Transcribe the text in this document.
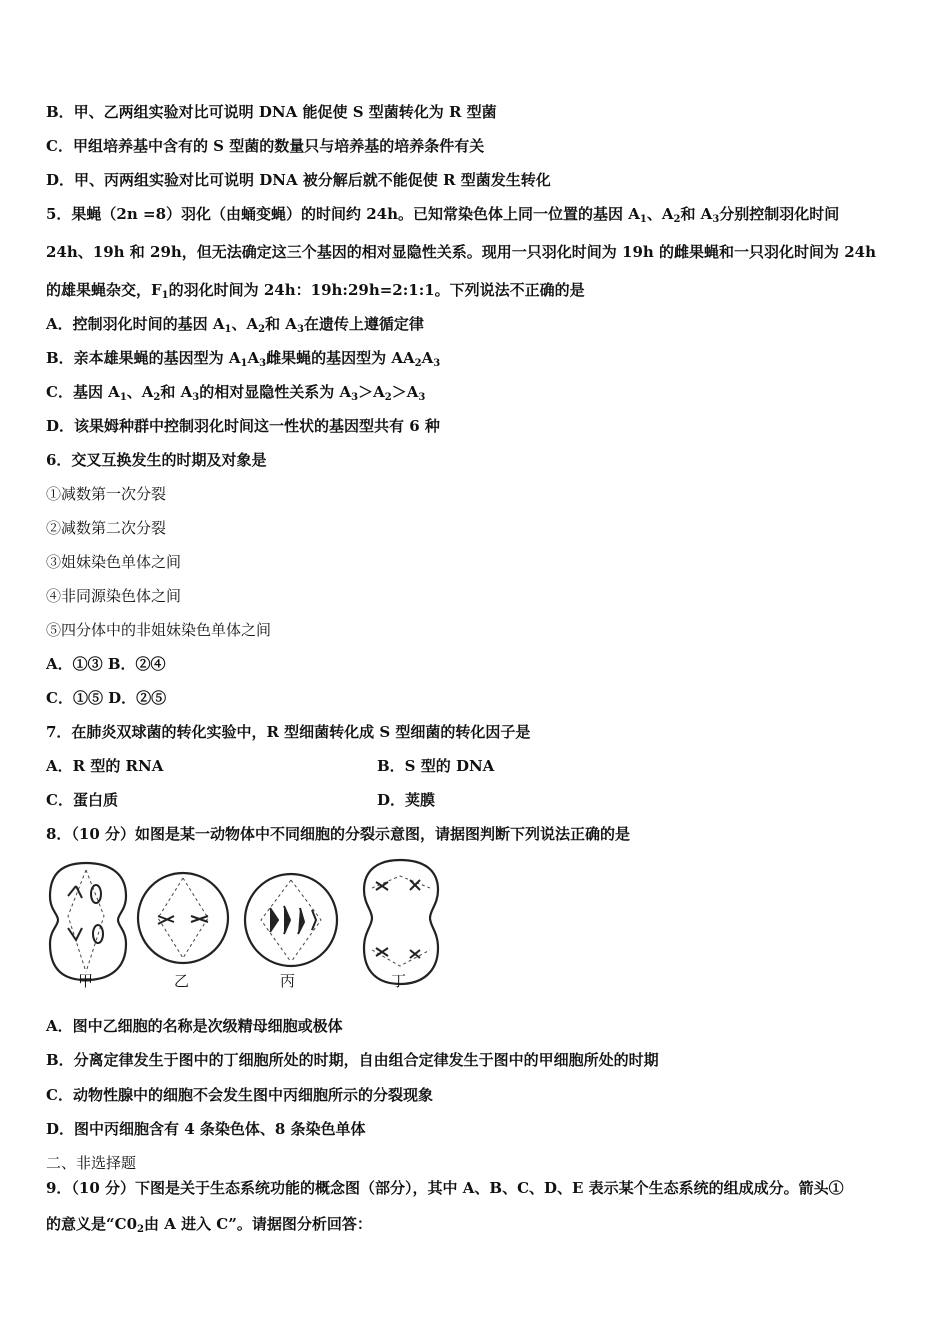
B．甲、乙两组实验对比可说明 DNA 能促使 S 型菌转化为 R 型菌
C．甲组培养基中含有的 S 型菌的数量只与培养基的培养条件有关
D．甲、丙两组实验对比可说明 DNA 被分解后就不能促使 R 型菌发生转化
5．果蝇（2n =8）羽化（由蛹变蝇）的时间约 24h。已知常染色体上同一位置的基因 $A_1$、$A_2$和 $A_3$分别控制羽化时间
24h、19h 和 29h，但无法确定这三个基因的相对显隐性关系。现用一只羽化时间为 19h 的雌果蝇和一只羽化时间为 24h
的雄果蝇杂交，$F_1$的羽化时间为 24h：19h:29h=2:1:1。下列说法不正确的是
A．控制羽化时间的基因 $A_1$、$A_2$和 $A_3$在遗传上遵循定律
B．亲本雄果蝇的基因型为 $A_1A_3$雌果蝇的基因型为 $AA_2A_3$
C．基因 $A_1$、$A_2$和 $A_3$的相对显隐性关系为 $A_3>A_2>A_3$
D．该果姆种群中控制羽化时间这一性状的基因型共有 6 种
6．交叉互换发生的时期及对象是
①减数第一次分裂
②减数第二次分裂
③姐妹染色单体之间
④非同源染色体之间
⑤四分体中的非姐妹染色单体之间
A．①③ B．②④
C．①⑤ D．②⑤
7．在肺炎双球菌的转化实验中，R 型细菌转化成 S 型细菌的转化因子是
A．R 型的 RNA	B．S 型的 DNA
C．蛋白质	D．荚膜
8．（10 分）如图是某一动物体中不同细胞的分裂示意图，请据图判断下列说法正确的是
甲	乙	丙	丁
A．图中乙细胞的名称是次级精母细胞或极体
B．分离定律发生于图中的丁细胞所处的时期，自由组合定律发生于图中的甲细胞所处的时期
C．动物性腺中的细胞不会发生图中丙细胞所示的分裂现象
D．图中丙细胞含有 4 条染色体、8 条染色单体
二、非选择题
9．（10 分）下图是关于生态系统功能的概念图（部分），其中 A、B、C、D、E 表示某个生态系统的组成成分。箭头①
的意义是“$C0_2$由 A 进入 C”。请据图分析回答：
